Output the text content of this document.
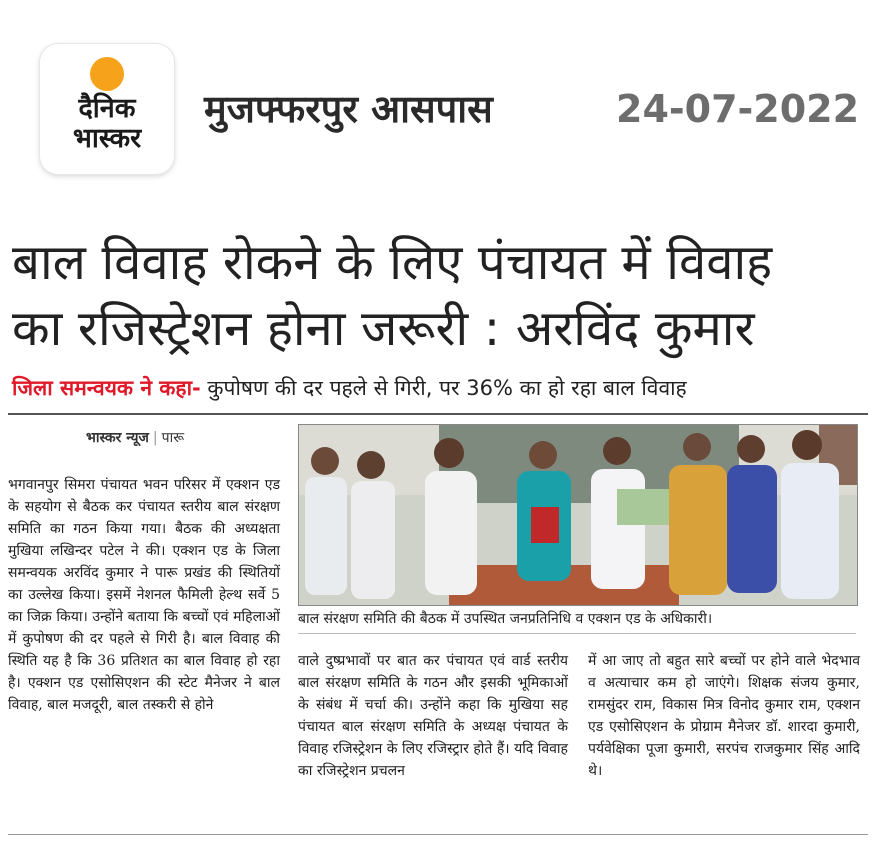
दैनिक
भास्कर
मुजफ्फरपुर आसपास	24-07-2022
बाल विवाह रोकने के लिए पंचायत में विवाह
का रजिस्ट्रेशन होना जरूरी : अरविंद कुमार
जिला समन्वयक ने कहा- कुपोषण की दर पहले से गिरी, पर 36% का हो रहा बाल विवाह
भास्कर न्यूज | पारू
भगवानपुर सिमरा पंचायत भवन परिसर में एक्शन एड के सहयोग से बैठक कर पंचायत स्तरीय बाल संरक्षण समिति का गठन किया गया। बैठक की अध्यक्षता मुखिया लखिन्दर पटेल ने की। एक्शन एड के जिला समन्वयक अरविंद कुमार ने पारू प्रखंड की स्थितियों का उल्लेख किया। इसमें नेशनल फैमिली हेल्थ सर्वे 5 का जिक्र किया। उन्होंने बताया कि बच्चों एवं महिलाओं में कुपोषण की दर पहले से गिरी है। बाल विवाह की स्थिति यह है कि 36 प्रतिशत का बाल विवाह हो रहा है। एक्शन एड एसोसिएशन की स्टेट मैनेजर ने बाल विवाह, बाल मजदूरी, बाल तस्करी से होने
बाल संरक्षण समिति की बैठक में उपस्थित जनप्रतिनिधि व एक्शन एड के अधिकारी।
वाले दुष्प्रभावों पर बात कर पंचायत एवं वार्ड स्तरीय बाल संरक्षण समिति के गठन और इसकी भूमिकाओं के संबंध में चर्चा की। उन्होंने कहा कि मुखिया सह पंचायत बाल संरक्षण समिति के अध्यक्ष पंचायत के विवाह रजिस्ट्रेशन के लिए रजिस्ट्रार होते हैं। यदि विवाह का रजिस्ट्रेशन प्रचलन
में आ जाए तो बहुत सारे बच्चों पर होने वाले भेदभाव व अत्याचार कम हो जाएंगे। शिक्षक संजय कुमार, रामसुंदर राम, विकास मित्र विनोद कुमार राम, एक्शन एड एसोसिएशन के प्रोग्राम मैनेजर डॉ. शारदा कुमारी, पर्यवेक्षिका पूजा कुमारी, सरपंच राजकुमार सिंह आदि थे।
